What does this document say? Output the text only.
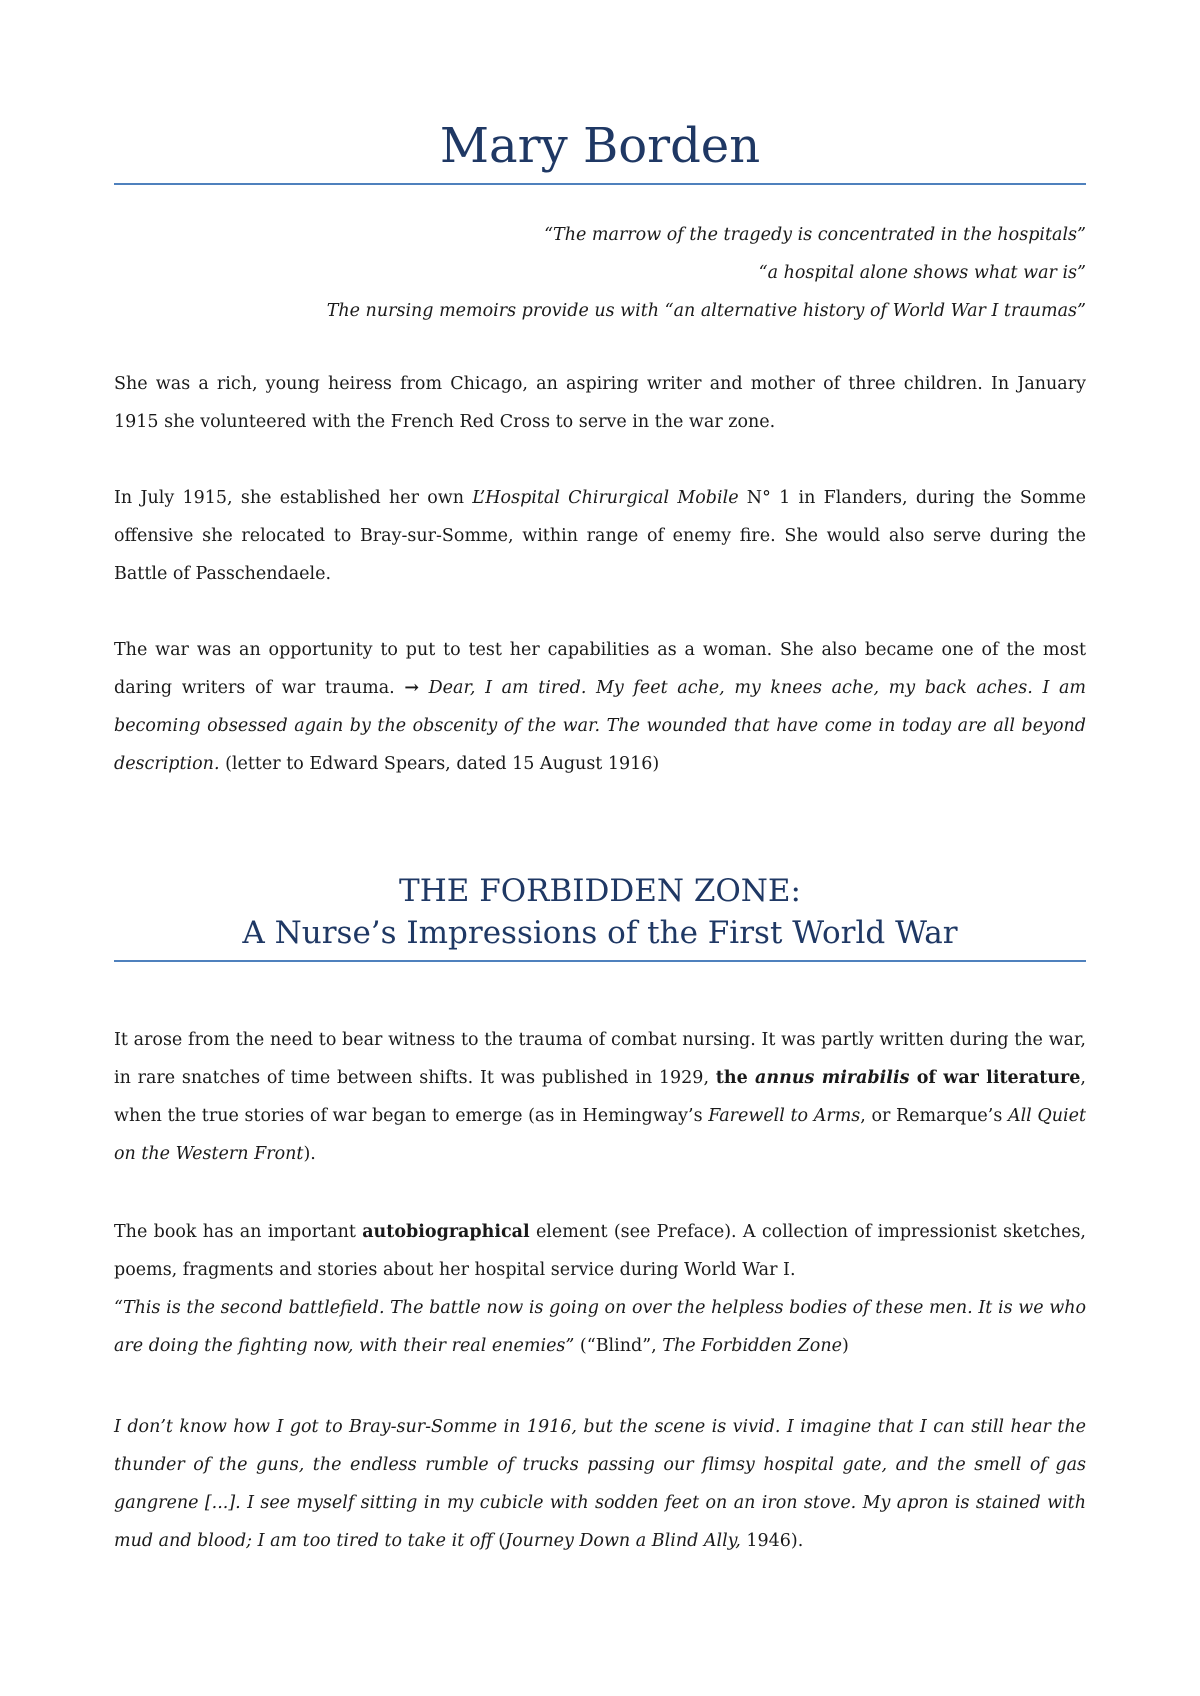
Mary Borden
“The marrow of the tragedy is concentrated in the hospitals”
“a hospital alone shows what war is”
The nursing memoirs provide us with “an alternative history of World War I traumas”

She was a rich, young heiress from Chicago, an aspiring writer and mother of three children. In January 1915 she volunteered with the French Red Cross to serve in the war zone.

In July 1915, she established her own L’Hospital Chirurgical Mobile N° 1 in Flanders, during the Somme offensive she relocated to Bray-sur-Somme, within range of enemy fire. She would also serve during the Battle of Passchendaele.

The war was an opportunity to put to test her capabilities as a woman. She also became one of the most daring writers of war trauma. → Dear, I am tired. My feet ache, my knees ache, my back aches. I am becoming obsessed again by the obscenity of the war. The wounded that have come in today are all beyond description. (letter to Edward Spears, dated 15 August 1916)

THE FORBIDDEN ZONE:
A Nurse’s Impressions of the First World War

It arose from the need to bear witness to the trauma of combat nursing. It was partly written during the war, in rare snatches of time between shifts. It was published in 1929, the annus mirabilis of war literature, when the true stories of war began to emerge (as in Hemingway’s Farewell to Arms, or Remarque’s All Quiet on the Western Front).

The book has an important autobiographical element (see Preface). A collection of impressionist sketches, poems, fragments and stories about her hospital service during World War I.
“This is the second battlefield. The battle now is going on over the helpless bodies of these men. It is we who are doing the fighting now, with their real enemies” (“Blind”, The Forbidden Zone)

I don’t know how I got to Bray-sur-Somme in 1916, but the scene is vivid. I imagine that I can still hear the thunder of the guns, the endless rumble of trucks passing our flimsy hospital gate, and the smell of gas gangrene [...]. I see myself sitting in my cubicle with sodden feet on an iron stove. My apron is stained with mud and blood; I am too tired to take it off (Journey Down a Blind Ally, 1946).
